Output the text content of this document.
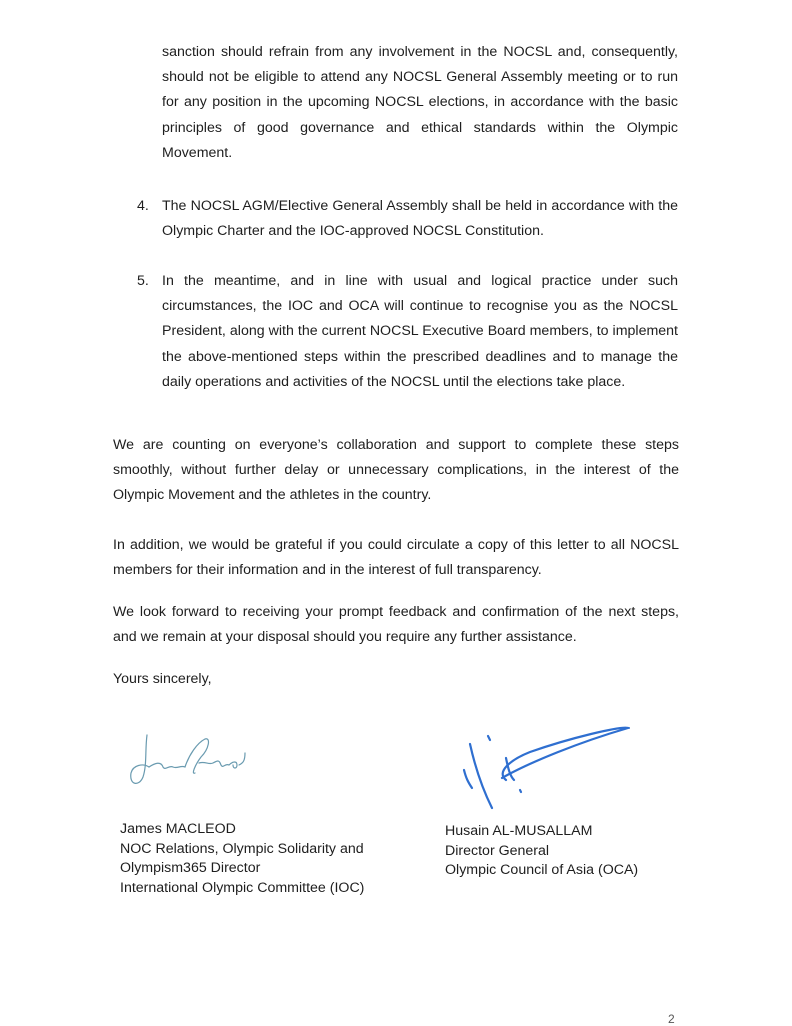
sanction should refrain from any involvement in the NOCSL and, consequently, should not be eligible to attend any NOCSL General Assembly meeting or to run for any position in the upcoming NOCSL elections, in accordance with the basic principles of good governance and ethical standards within the Olympic Movement.

4. The NOCSL AGM/Elective General Assembly shall be held in accordance with the Olympic Charter and the IOC-approved NOCSL Constitution.

5. In the meantime, and in line with usual and logical practice under such circumstances, the IOC and OCA will continue to recognise you as the NOCSL President, along with the current NOCSL Executive Board members, to implement the above-mentioned steps within the prescribed deadlines and to manage the daily operations and activities of the NOCSL until the elections take place.

We are counting on everyone’s collaboration and support to complete these steps smoothly, without further delay or unnecessary complications, in the interest of the Olympic Movement and the athletes in the country.

In addition, we would be grateful if you could circulate a copy of this letter to all NOCSL members for their information and in the interest of full transparency.

We look forward to receiving your prompt feedback and confirmation of the next steps, and we remain at your disposal should you require any further assistance.

Yours sincerely,

James MACLEOD
NOC Relations, Olympic Solidarity and
Olympism365 Director
International Olympic Committee (IOC)
Husain AL-MUSALLAM
Director General
Olympic Council of Asia (OCA)
2
